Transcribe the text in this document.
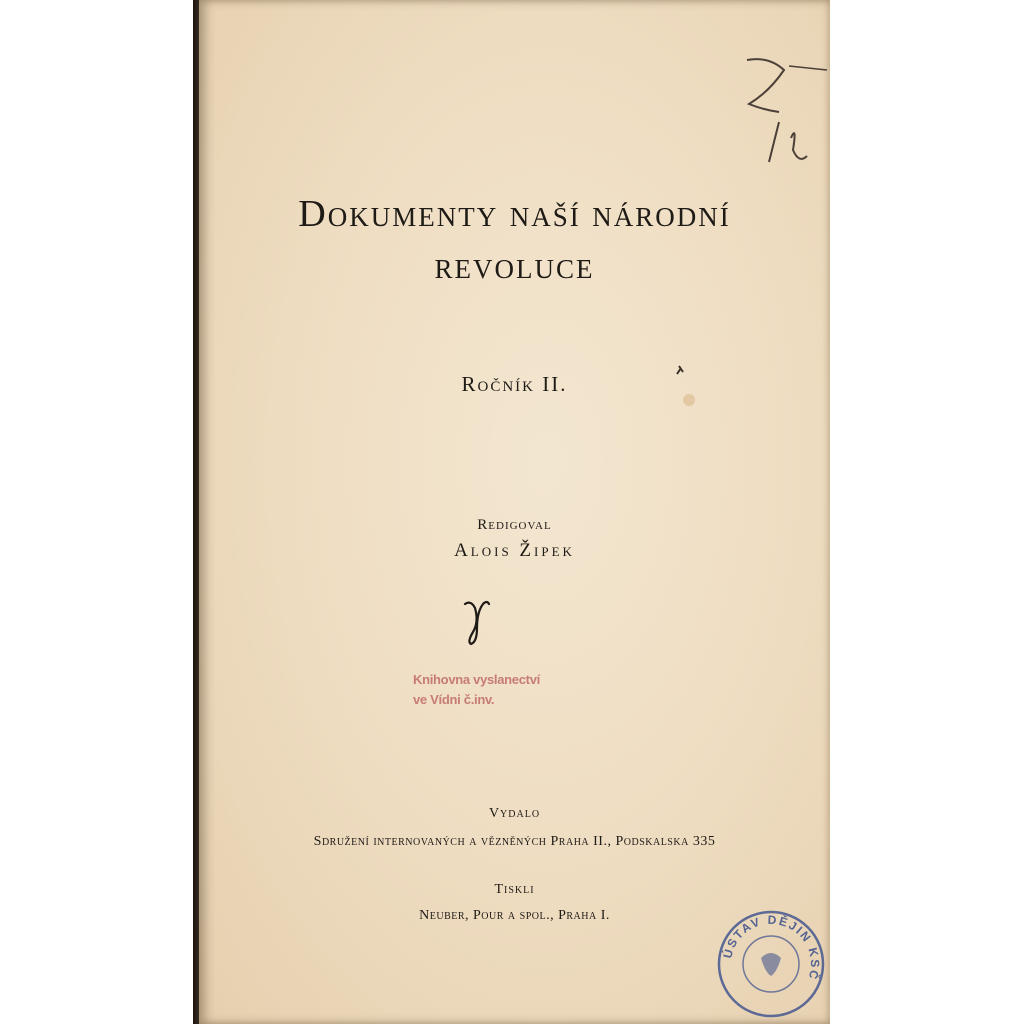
Dokumenty naší národní
revoluce
Ročník II.
Redigoval
Alois Žipek
Knihovna vyslanectví
ve Vídni č.inv.
Vydalo
Sdružení internovaných a vězněných Praha II., Podskalska 335
Tiskli
Neuber, Pour a spol., Praha I.
ÚSTAV DĚJIN KSČ
